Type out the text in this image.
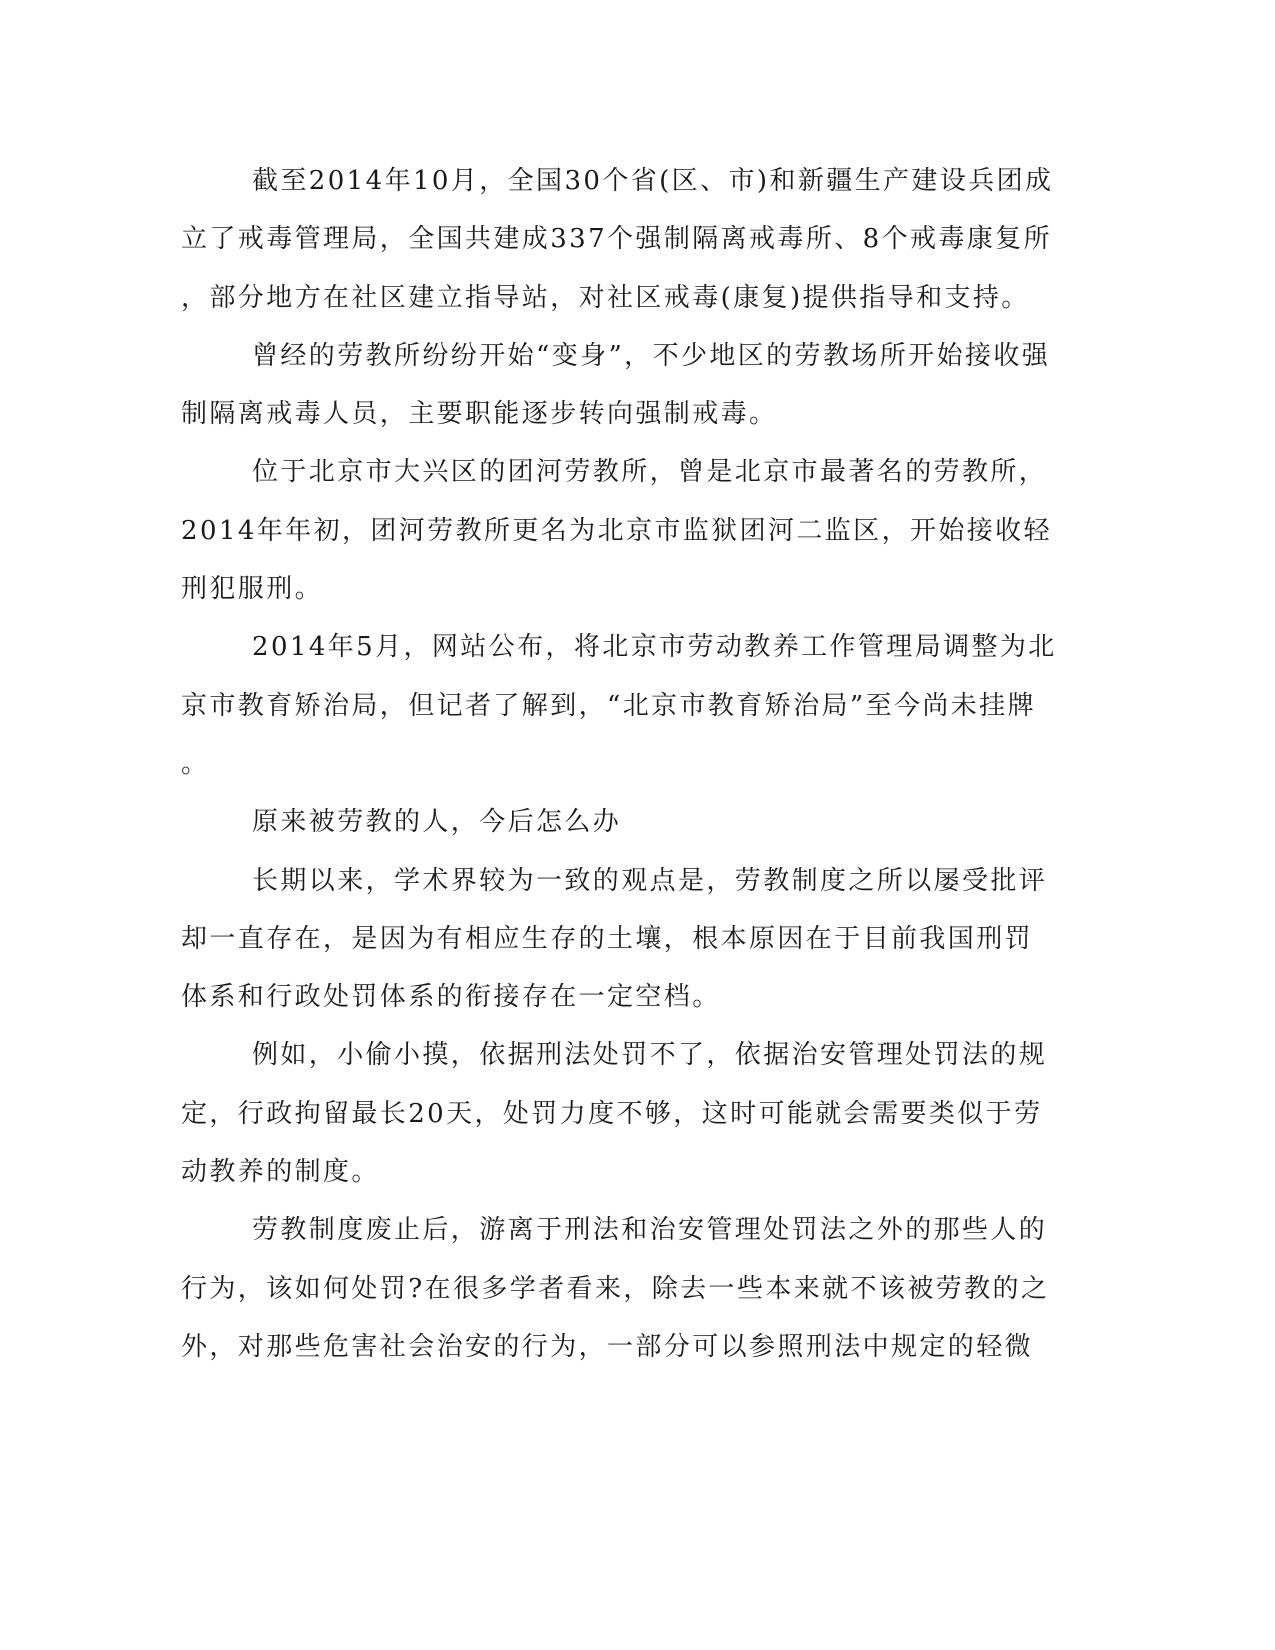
截至2014年10月，全国30个省(区、市)和新疆生产建设兵团成
立了戒毒管理局，全国共建成337个强制隔离戒毒所、8个戒毒康复所
，部分地方在社区建立指导站，对社区戒毒(康复)提供指导和支持。
曾经的劳教所纷纷开始“变身”，不少地区的劳教场所开始接收强
制隔离戒毒人员，主要职能逐步转向强制戒毒。
位于北京市大兴区的团河劳教所，曾是北京市最著名的劳教所，
2014年年初，团河劳教所更名为北京市监狱团河二监区，开始接收轻
刑犯服刑。
2014年5月，网站公布，将北京市劳动教养工作管理局调整为北
京市教育矫治局，但记者了解到，“北京市教育矫治局”至今尚未挂牌
。
原来被劳教的人，今后怎么办
长期以来，学术界较为一致的观点是，劳教制度之所以屡受批评
却一直存在，是因为有相应生存的土壤，根本原因在于目前我国刑罚
体系和行政处罚体系的衔接存在一定空档。
例如，小偷小摸，依据刑法处罚不了，依据治安管理处罚法的规
定，行政拘留最长20天，处罚力度不够，这时可能就会需要类似于劳
动教养的制度。
劳教制度废止后，游离于刑法和治安管理处罚法之外的那些人的
行为，该如何处罚?在很多学者看来，除去一些本来就不该被劳教的之
外，对那些危害社会治安的行为，一部分可以参照刑法中规定的轻微
